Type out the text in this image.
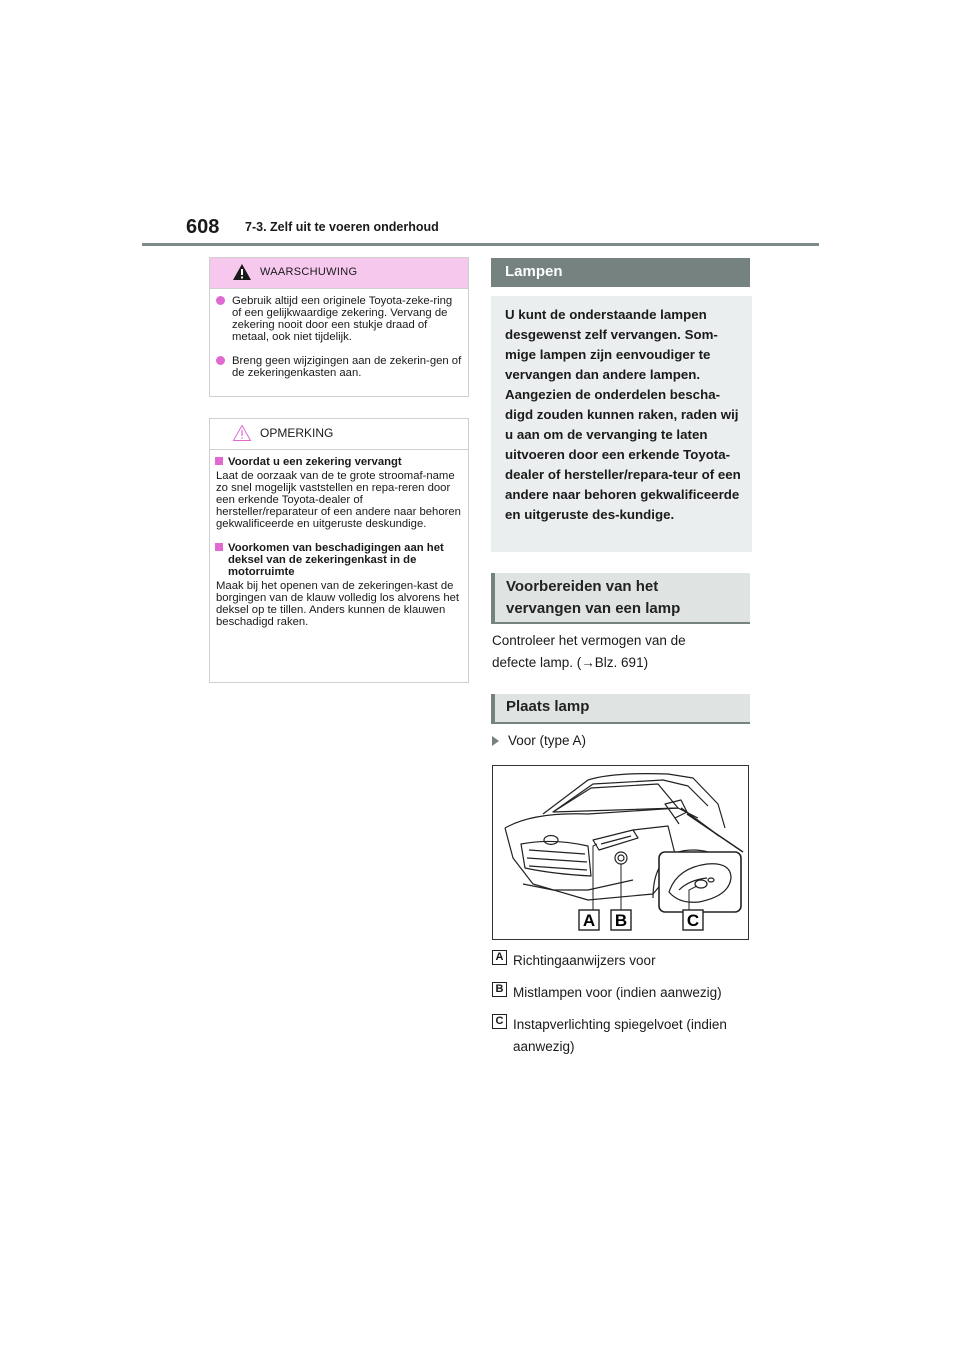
608 7-3. Zelf uit te voeren onderhoud
WAARSCHUWING
Gebruik altijd een originele Toyota-zeke-ring of een gelijkwaardige zekering. Vervang de zekering nooit door een stukje draad of metaal, ook niet tijdelijk.
Breng geen wijzigingen aan de zekerin-gen of de zekeringenkasten aan.
OPMERKING
Voordat u een zekering vervangt
Laat de oorzaak van de te grote stroomaf-name zo snel mogelijk vaststellen en repa-reren door een erkende Toyota-dealer of hersteller/reparateur of een andere naar behoren gekwalificeerde en uitgeruste deskundige.
Voorkomen van beschadigingen aan het deksel van de zekeringenkast in de motorruimte
Maak bij het openen van de zekeringen-kast de borgingen van de klauw volledig los alvorens het deksel op te tillen. Anders kunnen de klauwen beschadigd raken.
Lampen
U kunt de onderstaande lampen desgewenst zelf vervangen. Som-mige lampen zijn eenvoudiger te vervangen dan andere lampen. Aangezien de onderdelen bescha-digd zouden kunnen raken, raden wij u aan om de vervanging te laten uitvoeren door een erkende Toyota-dealer of hersteller/repara-teur of een andere naar behoren gekwalificeerde en uitgeruste des-kundige.
Voorbereiden van het
vervangen van een lamp
Controleer het vermogen van de
defecte lamp. (→Blz. 691)
Plaats lamp
Voor (type A)
A B	C
A Richtingaanwijzers voor
B Mistlampen voor (indien aanwezig)
C Instapverlichting spiegelvoet (indien aanwezig)
